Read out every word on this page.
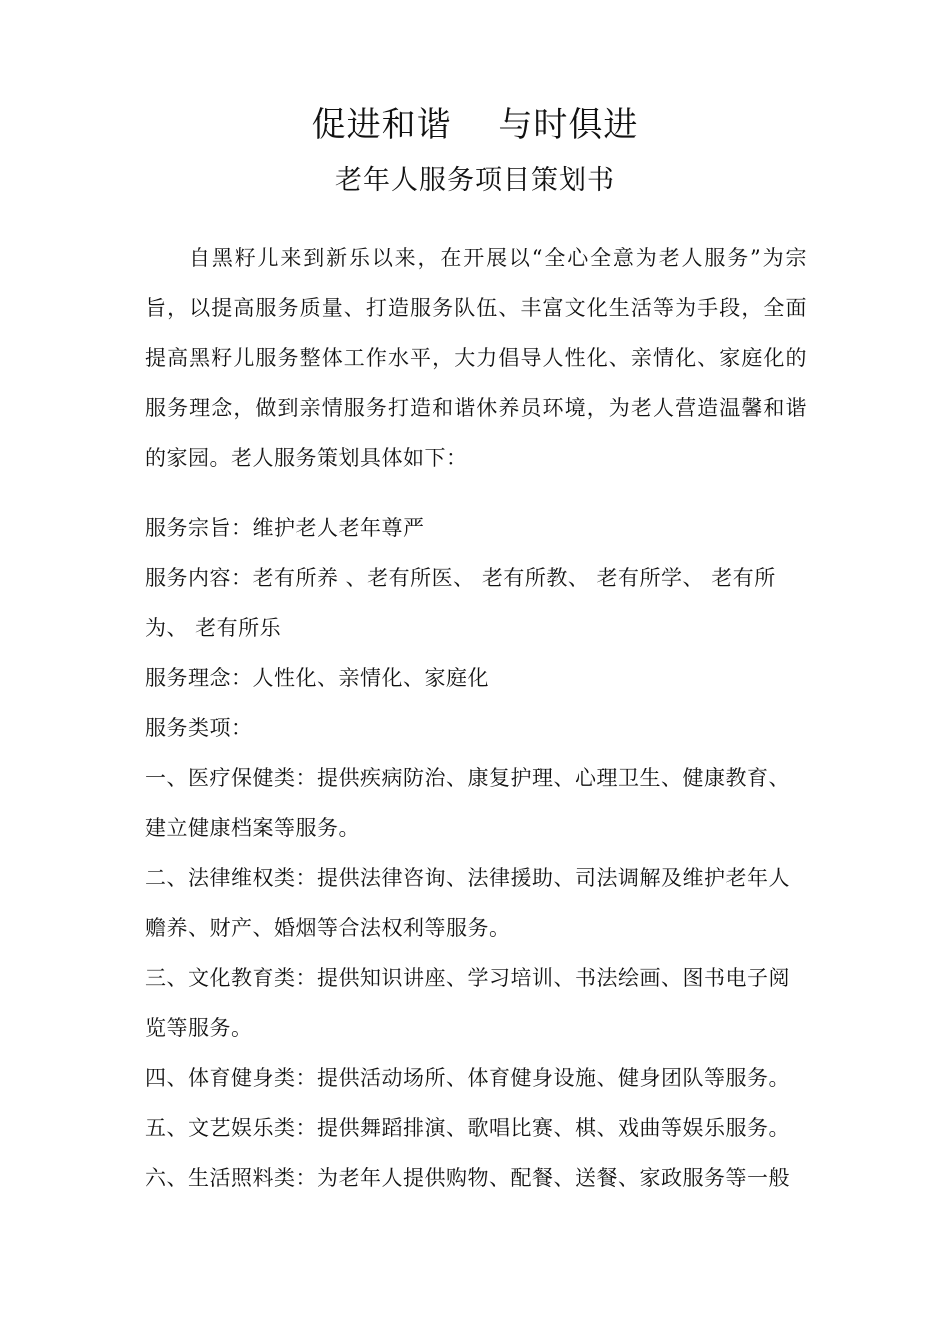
促进和谐　 与时俱进
老年人服务项目策划书

自黑籽儿来到新乐以来，在开展以“全心全意为老人服务”为宗旨，以提高服务质量、打造服务队伍、丰富文化生活等为手段，全面提高黑籽儿服务整体工作水平，大力倡导人性化、亲情化、家庭化的服务理念，做到亲情服务打造和谐休养员环境，为老人营造温馨和谐的家园。老人服务策划具体如下：

服务宗旨：维护老人老年尊严
服务内容：老有所养 、老有所医、 老有所教、 老有所学、 老有所
为、 老有所乐
服务理念：人性化、亲情化、家庭化
服务类项：
一、医疗保健类：提供疾病防治、康复护理、心理卫生、健康教育、
建立健康档案等服务。
二、法律维权类：提供法律咨询、法律援助、司法调解及维护老年人
赡养、财产、婚烟等合法权利等服务。
三、文化教育类：提供知识讲座、学习培训、书法绘画、图书电子阅
览等服务。
四、体育健身类：提供活动场所、体育健身设施、健身团队等服务。
五、文艺娱乐类：提供舞蹈排演、歌唱比赛、棋、戏曲等娱乐服务。
六、生活照料类：为老年人提供购物、配餐、送餐、家政服务等一般
